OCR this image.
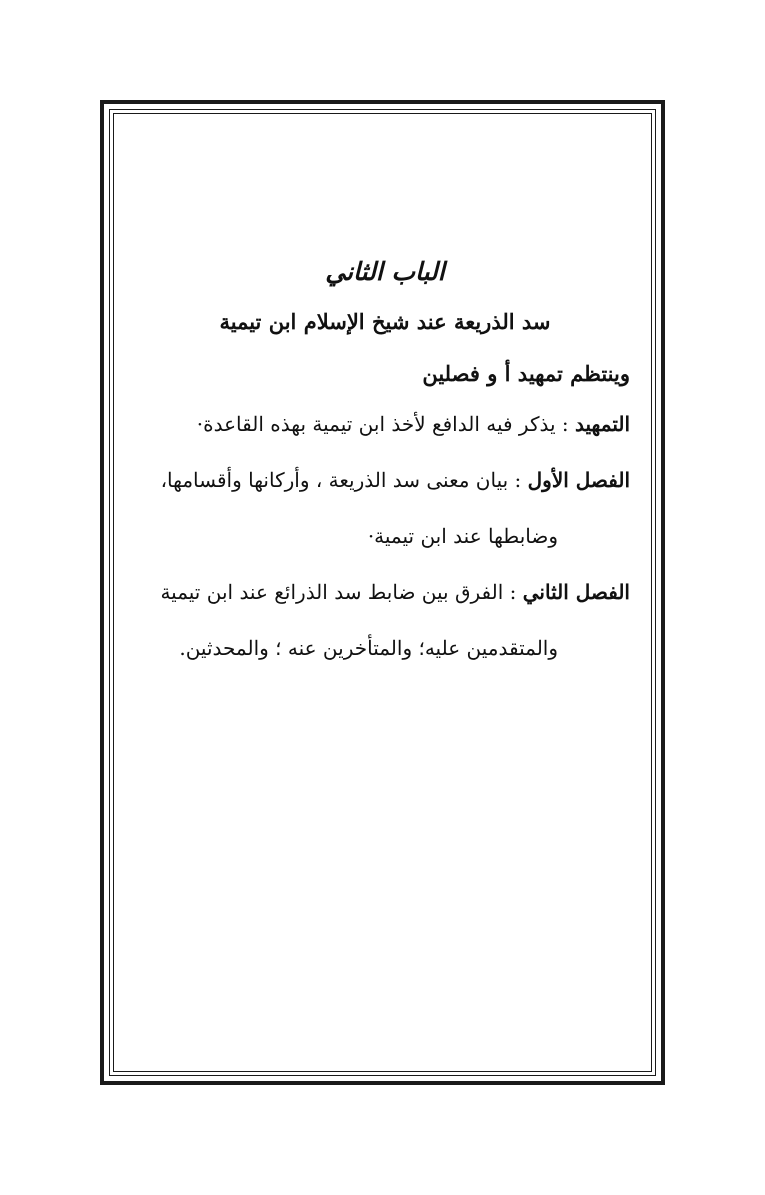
الباب الثاني
سد الذريعة عند شيخ الإسلام ابن تيمية

وينتظم تمهيد أ و فصلين

التمهيد : يذكر فيه الدافع لأخذ ابن تيمية بهذه القاعدة·

الفصل الأول : بيان معنى سد الذريعة ، وأركانها وأقسامها،

وضابطها عند ابن تيمية·

الفصل الثاني : الفرق بين ضابط سد الذرائع عند ابن تيمية

والمتقدمين عليه؛ والمتأخرين عنه ؛ والمحدثين.
